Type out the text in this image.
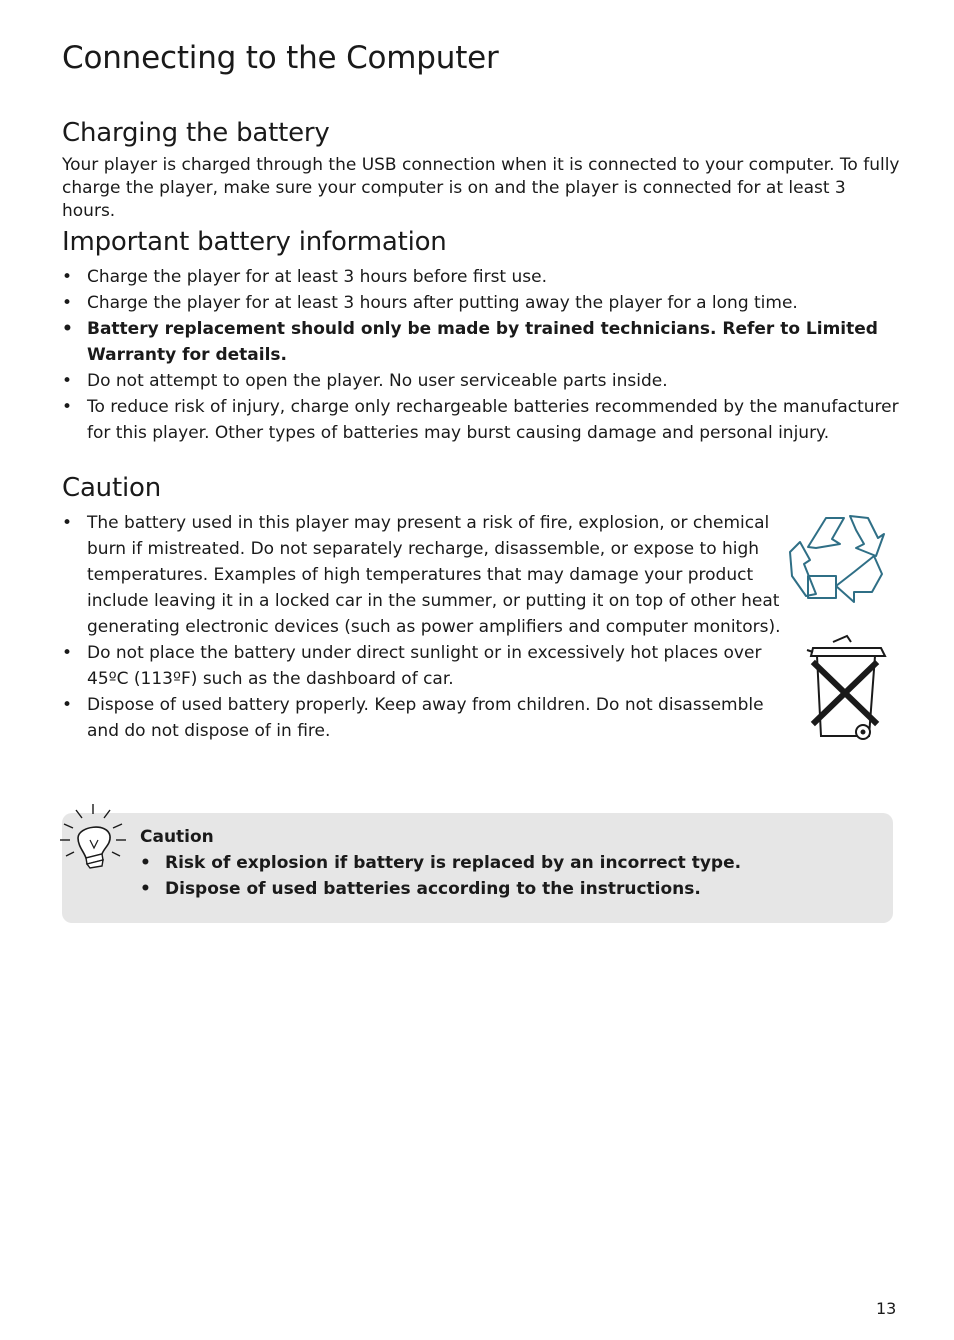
Connecting to the Computer
Charging the battery

Your player is charged through the USB connection when it is connected to your computer. To fully charge the player, make sure your computer is on and the player is connected for at least 3 hours.

Important battery information
• Charge the player for at least 3 hours before first use.
• Charge the player for at least 3 hours after putting away the player for a long time.
• Battery replacement should only be made by trained technicians. Refer to Limited Warranty for details.
• Do not attempt to open the player. No user serviceable parts inside.
• To reduce risk of injury, charge only rechargeable batteries recommended by the manufacturer for this player. Other types of batteries may burst causing damage and personal injury.
Caution
• The battery used in this player may present a risk of fire, explosion, or chemical burn if mistreated. Do not separately recharge, disassemble, or expose to high temperatures. Examples of high temperatures that may damage your product include leaving it in a locked car in the summer, or putting it on top of other heat generating electronic devices (such as power amplifiers and computer monitors).
• Do not place the battery under direct sunlight or in excessively hot places over 45ºC (113ºF) such as the dashboard of car.
• Dispose of used battery properly. Keep away from children. Do not disassemble and do not dispose of in fire.

Caution

• Risk of explosion if battery is replaced by an incorrect type.
• Dispose of used batteries according to the instructions.
13
